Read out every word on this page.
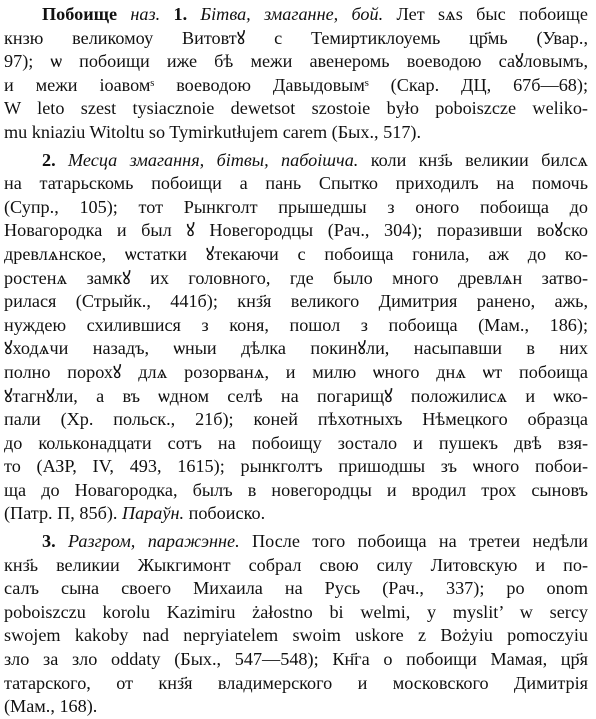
Побоище наз. 1. Бітва, змаганне, бой. Лет ѕѧs быс побоище
кнзю великомоу Витовтꙋ с Темиртиклоуемь цр҃мь (Увар.,
97); ѡ побоищи иже бѣ межи авенеромь воеводою саꙋловымъ,
и межи іоавомˢ воеводою Давыдовымˢ (Скар. ДЦ, 67б—68);
W leto szest tysiacznoie dewetsot szostoie było poboiszcze weliko-
mu kniaziu Witoltu so Tymirkutłujem carem (Бых., 517).
2. Месца змагання, бітвы, пабоішча. коли кнз҃ь великии билсѧ
на татарьскомь побоищи а пань Спытко приходилъ на помочь
(Супр., 105); тот Рынкголт прышедшы з оного побоища до
Новагородка и был ꙋ Новегородцы (Рач., 304); поразивши воꙋско
древлѧнское, ѡстатки ꙋтекаючи с побоища гонила, аж до ко-
ростенѧ замкꙋ их головного, где было много древлѧн затво-
рилася (Стрыйк., 441б); кнз҃я великого Димитрия ранено, ажь,
нуждею схилившися з коня, пошол з побоища (Мам., 186);
ꙋходѧчи назадъ, ѡныи дѣлка покинꙋли, насыпавши в них
полно порохꙋ длѧ розорванѧ, и милю ѡного днѧ ѡт побоища
ꙋтагнꙋли, а въ ѡдном селѣ на погарищꙋ положилисѧ и ѡко-
пали (Хр. польск., 21б); коней пѣхотныхъ Нѣмецкого образца
до кольконадцати сотъ на побоищу зостало и пушекъ двѣ взя-
то (АЗР, IV, 493, 1615); рынкголтъ пришодшы зъ ѡного побои-
ща до Новагородка, былъ в новегородцы и вродил трох сыновъ
(Патр. П, 85б). Параўн. побоиско.
3. Разгром, паражэнне. После того побоища на третеи недѣли
кнз҃ь великии Жыкгимонт собрал свою силу Литовскую и по-
салъ сына своего Михаила на Русь (Рач., 337); po onom
poboiszczu korolu Kazimiru żałostno bi welmi, y myslit’ w sercy
swojem kakoby nad nepryiatelem swoim uskore z Bożyiu pomoczyiu
зло за зло oddaty (Бых., 547—548); Кн҃га о побоищи Мамая, цр҃я
татарского, от кнз҃я владимерского и московского Димитрія
(Мам., 168).
